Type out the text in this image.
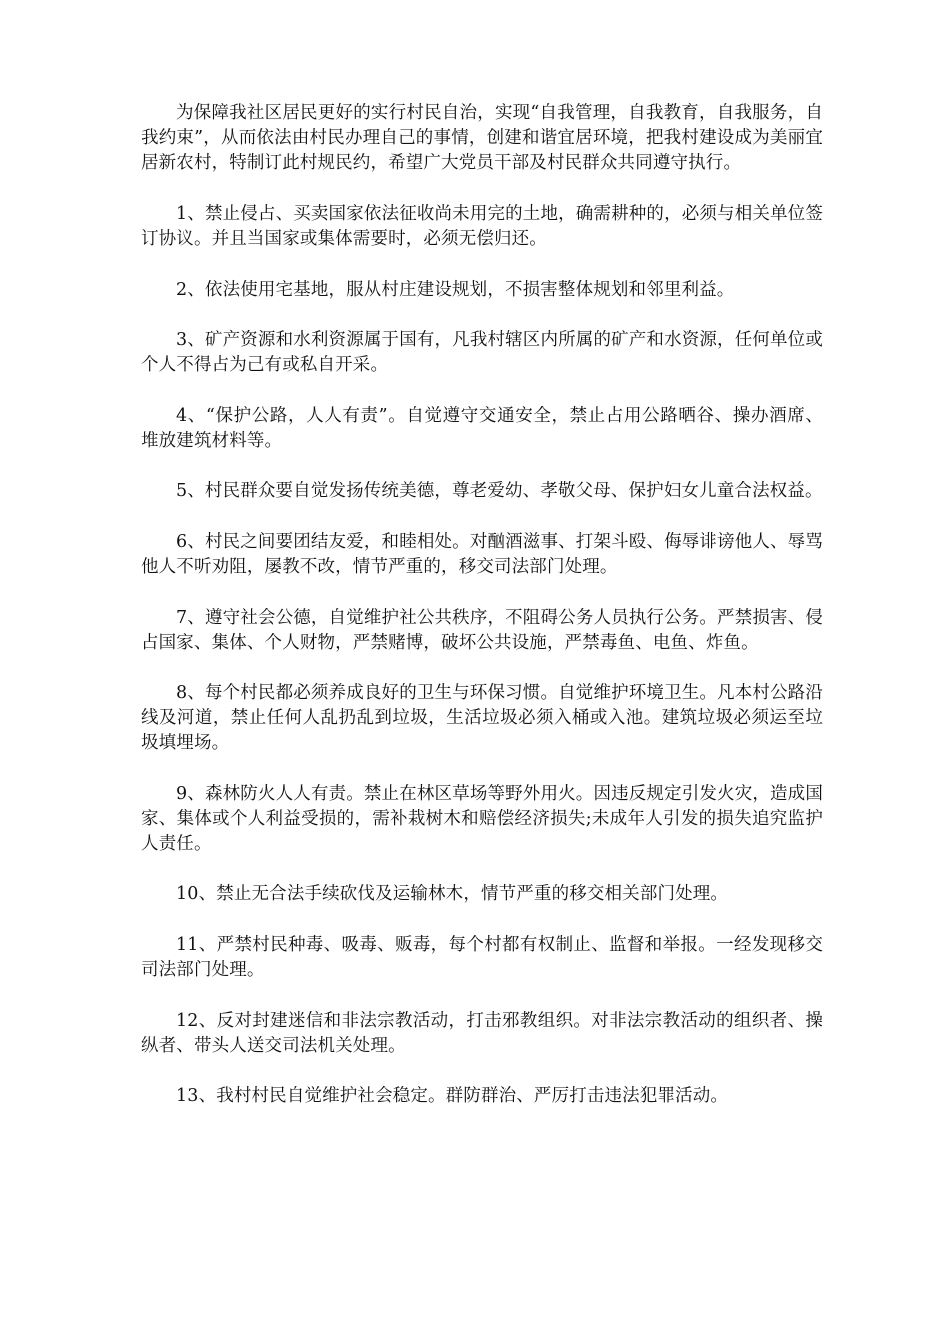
为保障我社区居民更好的实行村民自治，实现“自我管理，自我教育，自我服务，自我约束”，从而依法由村民办理自己的事情，创建和谐宜居环境，把我村建设成为美丽宜居新农村，特制订此村规民约，希望广大党员干部及村民群众共同遵守执行。

1、禁止侵占、买卖国家依法征收尚未用完的土地，确需耕种的，必须与相关单位签订协议。并且当国家或集体需要时，必须无偿归还。

2、依法使用宅基地，服从村庄建设规划，不损害整体规划和邻里利益。

3、矿产资源和水利资源属于国有，凡我村辖区内所属的矿产和水资源，任何单位或个人不得占为己有或私自开采。

4、“保护公路，人人有责”。自觉遵守交通安全，禁止占用公路晒谷、操办酒席、堆放建筑材料等。

5、村民群众要自觉发扬传统美德，尊老爱幼、孝敬父母、保护妇女儿童合法权益。

6、村民之间要团结友爱，和睦相处。对酗酒滋事、打架斗殴、侮辱诽谤他人、辱骂他人不听劝阻，屡教不改，情节严重的，移交司法部门处理。

7、遵守社会公德，自觉维护社公共秩序，不阻碍公务人员执行公务。严禁损害、侵占国家、集体、个人财物，严禁赌博，破坏公共设施，严禁毒鱼、电鱼、炸鱼。

8、每个村民都必须养成良好的卫生与环保习惯。自觉维护环境卫生。凡本村公路沿线及河道，禁止任何人乱扔乱到垃圾，生活垃圾必须入桶或入池。建筑垃圾必须运至垃圾填埋场。

9、森林防火人人有责。禁止在林区草场等野外用火。因违反规定引发火灾，造成国家、集体或个人利益受损的，需补栽树木和赔偿经济损失;未成年人引发的损失追究监护人责任。

10、禁止无合法手续砍伐及运输林木，情节严重的移交相关部门处理。

11、严禁村民种毒、吸毒、贩毒，每个村都有权制止、监督和举报。一经发现移交司法部门处理。

12、反对封建迷信和非法宗教活动，打击邪教组织。对非法宗教活动的组织者、操纵者、带头人送交司法机关处理。

13、我村村民自觉维护社会稳定。群防群治、严厉打击违法犯罪活动。
